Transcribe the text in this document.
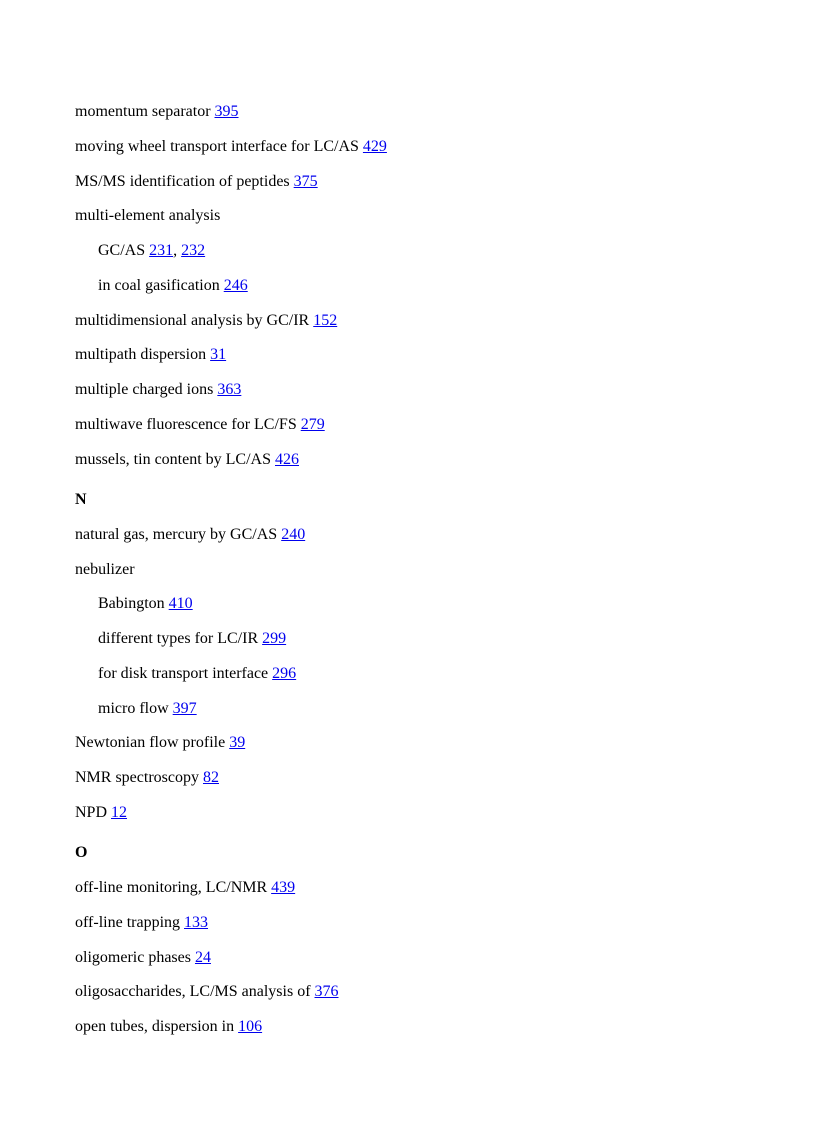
momentum separator 395
moving wheel transport interface for LC/AS 429
MS/MS identification of peptides 375
multi-element analysis
GC/AS 231, 232
in coal gasification 246
multidimensional analysis by GC/IR 152
multipath dispersion 31
multiple charged ions 363
multiwave fluorescence for LC/FS 279
mussels, tin content by LC/AS 426
N
natural gas, mercury by GC/AS 240
nebulizer
Babington 410
different types for LC/IR 299
for disk transport interface 296
micro flow 397
Newtonian flow profile 39
NMR spectroscopy 82
NPD 12
O
off-line monitoring, LC/NMR 439
off-line trapping 133
oligomeric phases 24
oligosaccharides, LC/MS analysis of 376
open tubes, dispersion in 106
